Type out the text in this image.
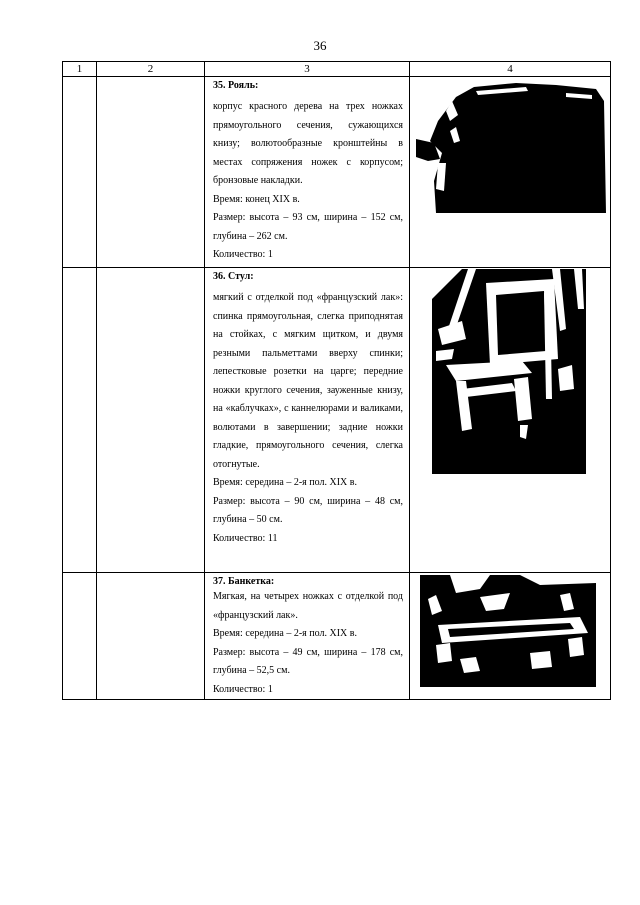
36
1	2	3	4

		35. Рояль:

корпус красного дерева на трех ножках прямоугольного сечения, сужающихся книзу; волютообразные кронштейны в местах сопряжения ножек с корпусом; бронзовые накладки.

Время: конец XIX в.

Размер: высота – 93 см, ширина – 152 см, глубина – 262 см.

Количество: 1

		36. Стул:

мягкий с отделкой под «французский лак»: спинка прямоугольная, слегка приподнятая на стойках, с мягким щитком, и двумя резными пальметтами вверху спинки; лепестковые розетки на царге; передние ножки круглого сечения, зауженные книзу, на «каблучках», с каннелюрами и валиками, волютами в завершении; задние ножки гладкие, прямоугольного сечения, слегка отогнутые.

Время: середина – 2-я пол. XIX в.

Размер: высота – 90 см, ширина – 48 см, глубина – 50 см.

Количество: 11

		37. Банкетка:

Мягкая, на четырех ножках с отделкой под «французский лак».

Время: середина – 2-я пол. XIX в.

Размер: высота – 49 см, ширина – 178 см, глубина – 52,5 см.

Количество: 1
